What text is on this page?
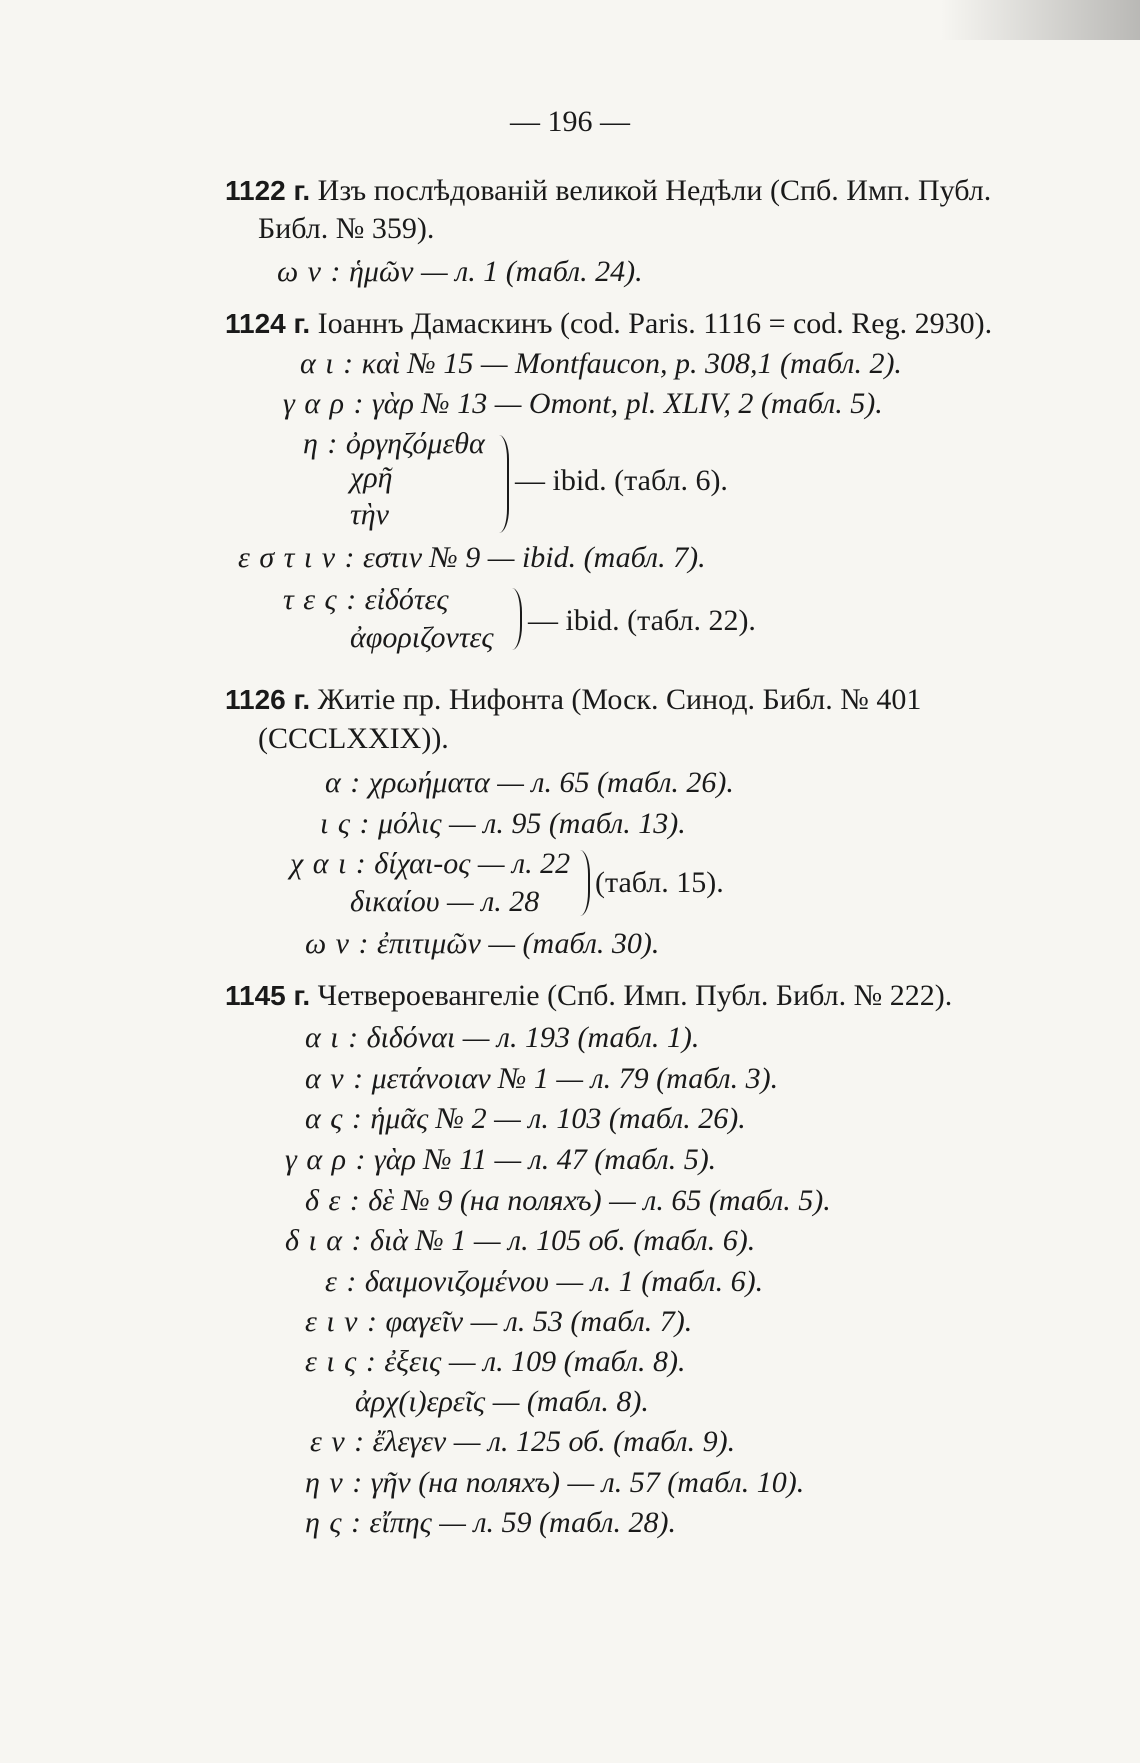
— 196 —
1122 г. Изъ послѣдованій великой Недѣли (Спб. Имп. Публ.
Библ. № 359).
ω ν : ἡμῶν — л. 1 (табл. 24).
1124 г. Іоаннъ Дамаскинъ (cod. Paris. 1116 = cod. Reg. 2930).
α ι : καὶ № 15 — Montfaucon, p. 308,1 (табл. 2).
γ α ρ : γὰρ № 13 — Omont, pl. XLIV, 2 (табл. 5).
η : ὀργηζόμεθα
χρῆ
τὴν
— ibid. (табл. 6).
ε σ τ ι ν : εστιν № 9 — ibid. (табл. 7).
τ ε ς : εἰδότες
ἀφοριζοντες
— ibid. (табл. 22).
1126 г. Житіе пр. Нифонта (Моск. Синод. Библ. № 401
(CCCLXXIX)).
α : χρωήματα — л. 65 (табл. 26).
ι ς : μόλις — л. 95 (табл. 13).
χ α ι : δίχαι-ος — л. 22
δικαίου — л. 28
(табл. 15).
ω ν : ἐπιτιμῶν — (табл. 30).
1145 г. Четвероевангеліе (Спб. Имп. Публ. Библ. № 222).
α ι : διδόναι — л. 193 (табл. 1).
α ν : μετάνοιαν № 1 — л. 79 (табл. 3).
α ς : ἡμᾶς № 2 — л. 103 (табл. 26).
γ α ρ : γὰρ № 11 — л. 47 (табл. 5).
δ ε : δὲ № 9 (на поляхъ) — л. 65 (табл. 5).
δ ι α : διὰ № 1 — л. 105 об. (табл. 6).
ε : δαιμονιζομένου — л. 1 (табл. 6).
ε ι ν : φαγεῖν — л. 53 (табл. 7).
ε ι ς : ἐξεις — л. 109 (табл. 8).
ἀρχ(ι)ερεῖς — (табл. 8).
ε ν : ἔλεγεν — л. 125 об. (табл. 9).
η ν : γῆν (на поляхъ) — л. 57 (табл. 10).
η ς : εἴπης — л. 59 (табл. 28).
